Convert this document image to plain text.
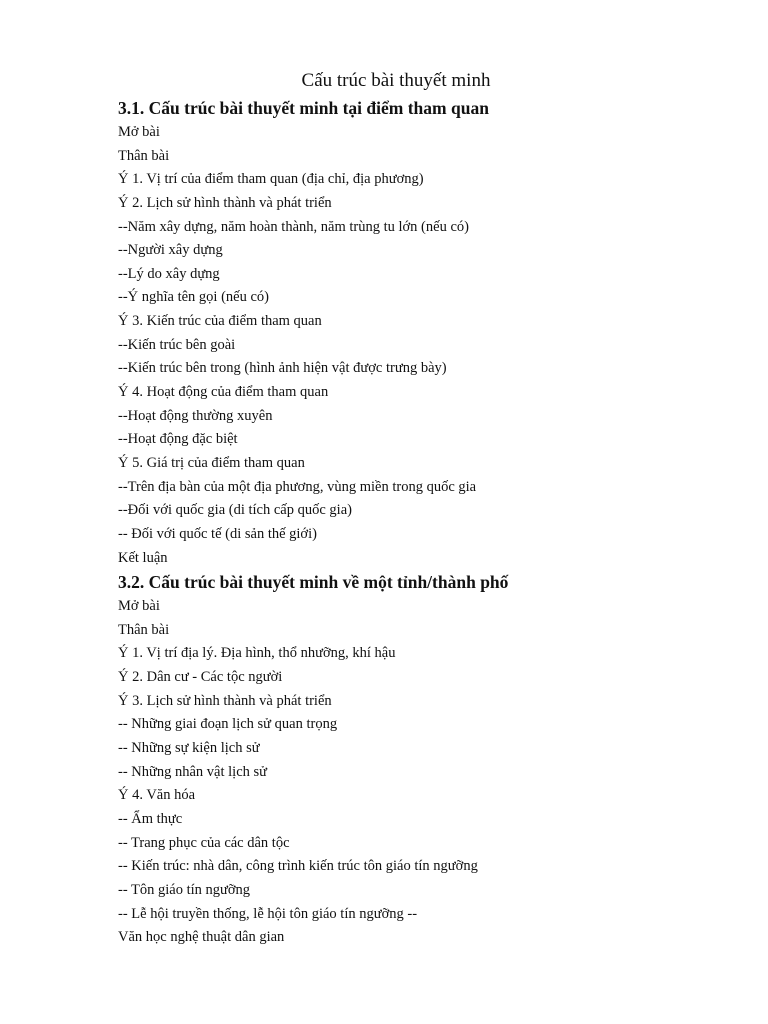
Cấu trúc bài thuyết minh
3.1. Cấu trúc bài thuyết minh tại điểm tham quan

Mở bài

Thân bài

Ý 1. Vị trí của điểm tham quan (địa chỉ, địa phương)

Ý 2. Lịch sử hình thành và phát triển

--Năm xây dựng, năm hoàn thành, năm trùng tu lớn (nếu có)

--Người xây dựng

--Lý do xây dựng

--Ý nghĩa tên gọi (nếu có)

Ý 3. Kiến trúc của điểm tham quan

--Kiến trúc bên goài

--Kiến trúc bên trong (hình ảnh hiện vật được trưng bày)

Ý 4. Hoạt động của điểm tham quan

--Hoạt động thường xuyên

--Hoạt động đặc biệt

Ý 5. Giá trị của điểm tham quan

--Trên địa bàn của một địa phương, vùng miền trong quốc gia

--Đối với quốc gia (di tích cấp quốc gia)

-- Đối với quốc tế (di sản thế giới)

Kết luận

3.2. Cấu trúc bài thuyết minh về một tỉnh/thành phố

Mở bài

Thân bài

Ý 1. Vị trí địa lý. Địa hình, thổ nhưỡng, khí hậu

Ý 2. Dân cư - Các tộc người

Ý 3. Lịch sử hình thành và phát triển

-- Những giai đoạn lịch sử quan trọng

-- Những sự kiện lịch sử

-- Những nhân vật lịch sử

Ý 4. Văn hóa

-- Ẩm thực

-- Trang phục của các dân tộc

-- Kiến trúc: nhà dân, công trình kiến trúc tôn giáo tín ngưỡng

-- Tôn giáo tín ngưỡng

-- Lễ hội truyền thống, lễ hội tôn giáo tín ngưỡng --

Văn học nghệ thuật dân gian
